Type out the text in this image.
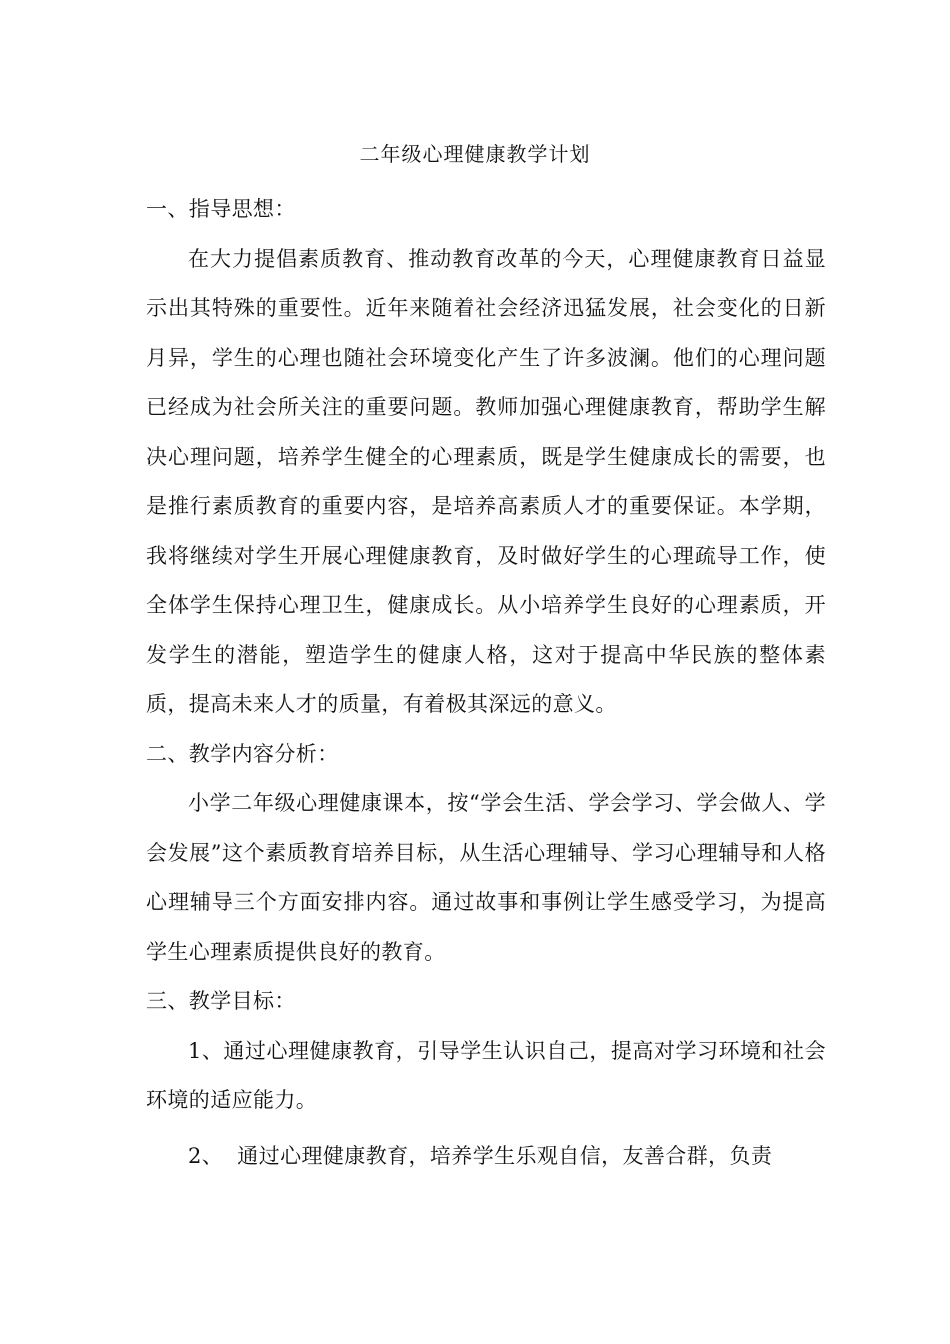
二年级心理健康教学计划

一、指导思想：

在大力提倡素质教育、推动教育改革的今天，心理健康教育日益显示出其特殊的重要性。近年来随着社会经济迅猛发展，社会变化的日新月异，学生的心理也随社会环境变化产生了许多波澜。他们的心理问题已经成为社会所关注的重要问题。教师加强心理健康教育，帮助学生解决心理问题，培养学生健全的心理素质，既是学生健康成长的需要，也是推行素质教育的重要内容，是培养高素质人才的重要保证。本学期，我将继续对学生开展心理健康教育，及时做好学生的心理疏导工作，使全体学生保持心理卫生，健康成长。从小培养学生良好的心理素质，开发学生的潜能，塑造学生的健康人格，这对于提高中华民族的整体素质，提高未来人才的质量，有着极其深远的意义。

二、教学内容分析：

小学二年级心理健康课本，按“学会生活、学会学习、学会做人、学会发展”这个素质教育培养目标，从生活心理辅导、学习心理辅导和人格心理辅导三个方面安排内容。通过故事和事例让学生感受学习，为提高学生心理素质提供良好的教育。

三、教学目标：

1、通过心理健康教育，引导学生认识自己，提高对学习环境和社会环境的适应能力。

2、  通过心理健康教育，培养学生乐观自信，友善合群，负责
